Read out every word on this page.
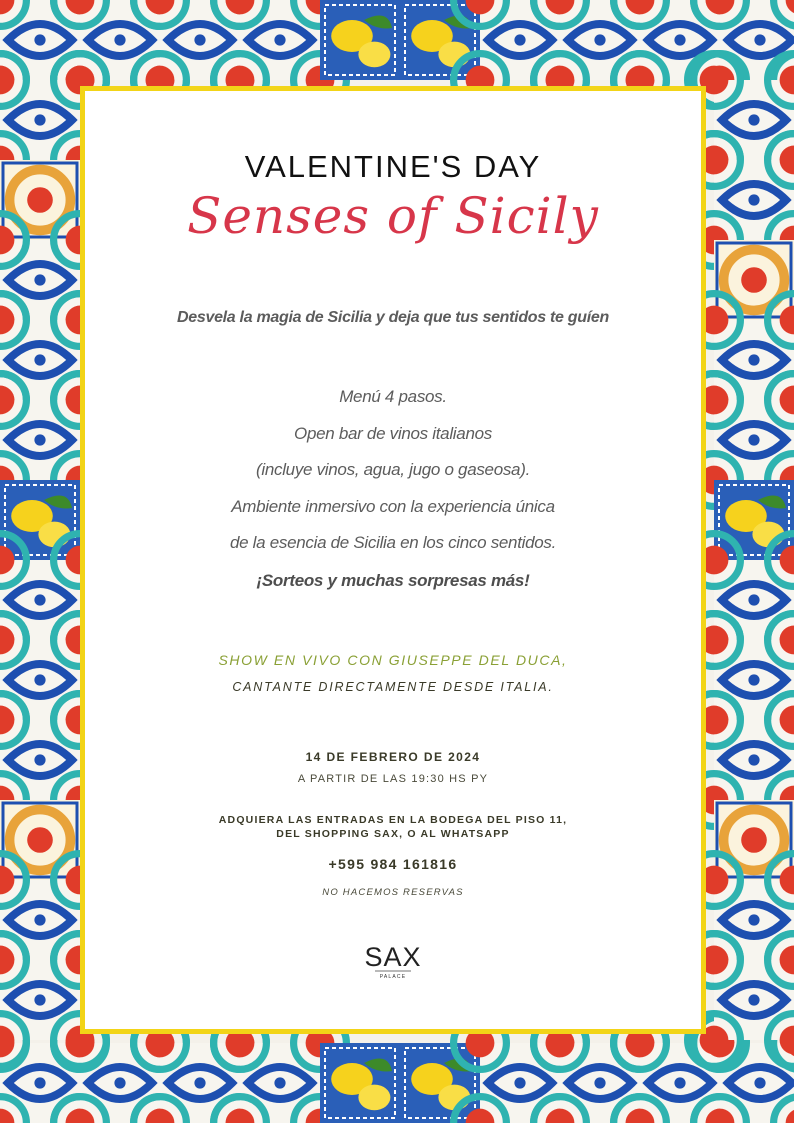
VALENTINE'S DAY
Senses of Sicily
Desvela la magia de Sicilia y deja que tus sentidos te guíen
Menú 4 pasos.
Open bar de vinos italianos
(incluye vinos, agua, jugo o gaseosa).
Ambiente inmersivo con la experiencia única
de la esencia de Sicilia en los cinco sentidos.
¡Sorteos y muchas sorpresas más!
SHOW EN VIVO CON GIUSEPPE DEL DUCA,
CANTANTE DIRECTAMENTE DESDE ITALIA.
14 DE FEBRERO DE 2024
A PARTIR DE LAS 19:30 HS PY
ADQUIERA LAS ENTRADAS EN LA BODEGA DEL PISO 11,
DEL SHOPPING SAX, O AL WHATSAPP
+595 984 161816
NO HACEMOS RESERVAS
SAX
PALACE
